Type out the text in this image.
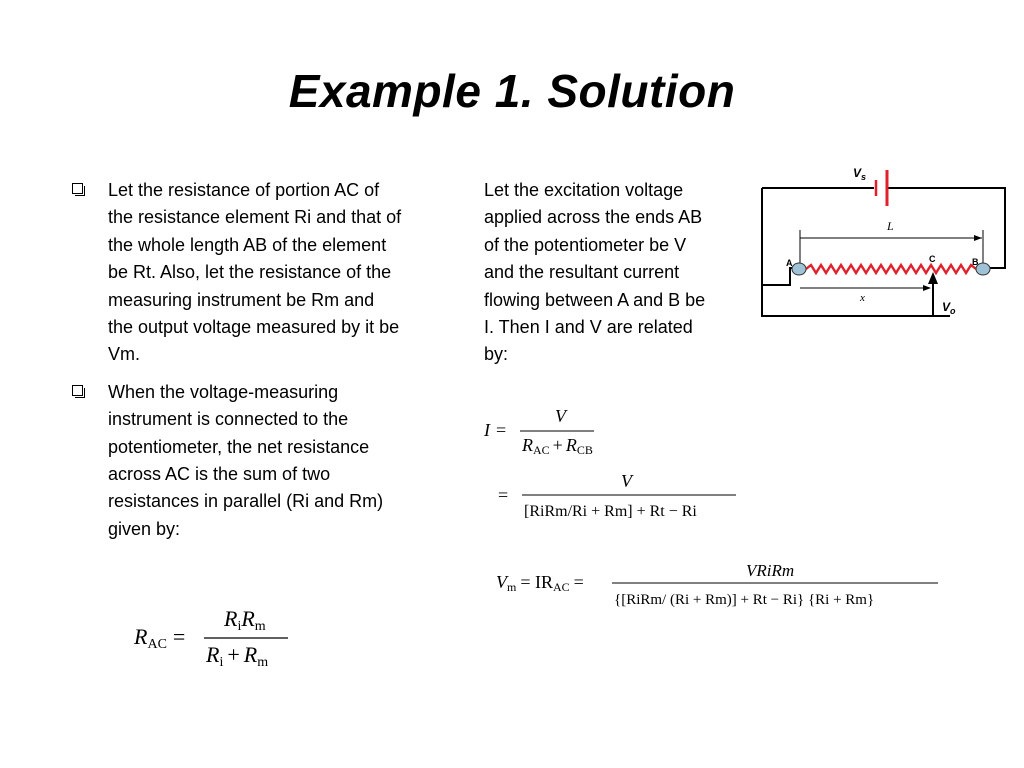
Example 1. Solution
Let the resistance of portion AC of the resistance element Ri and that of the whole length AB of the element be Rt. Also, let the resistance of the measuring instrument be Rm and the output voltage measured by it be Vm.
When the voltage-measuring instrument is connected to the potentiometer, the net resistance across AC is the sum of two resistances in parallel (Ri and Rm) given by:
Let the excitation voltage applied across the ends AB of the potentiometer be V and the resultant current flowing between A and B be I. Then I and V are related by:
$V_s$
L
A	B
C
x
$V_o$
RAC =
RiRm
Ri + Rm
I =
V
RAC + RCB
=
V
[RiRm/Ri + Rm] + Rt − Ri
Vm = IRAC =
VRiRm
{[RiRm/ (Ri + Rm)] + Rt − Ri} {Ri + Rm}
